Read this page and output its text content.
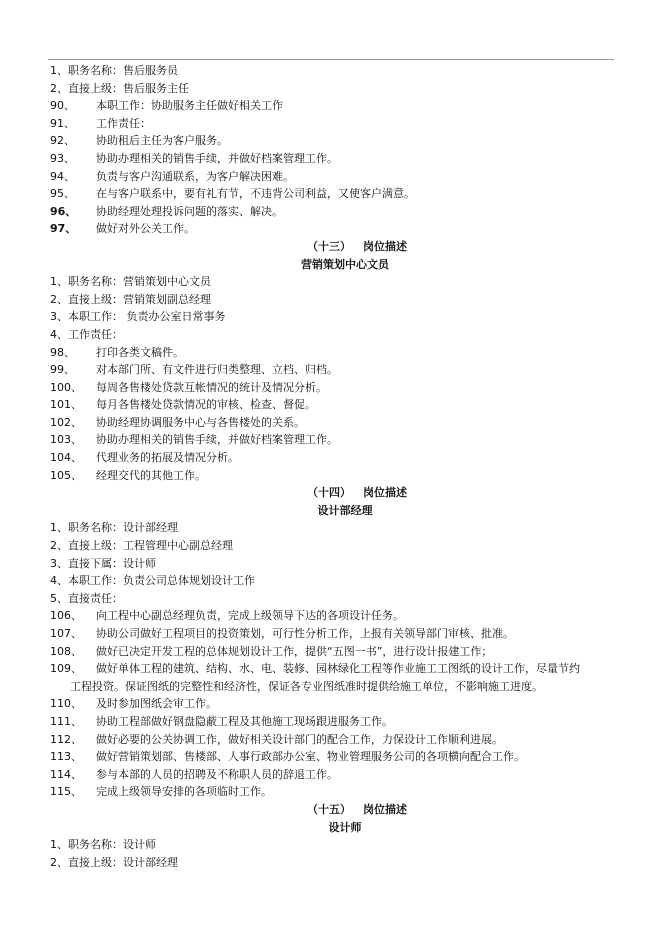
1、职务名称：售后服务员
2、直接上级：售后服务主任
90、 本职工作：协助服务主任做好相关工作
91、 工作责任：
92、 协助租后主任为客户服务。
93、 协助办理相关的销售手续，并做好档案管理工作。
94、 负责与客户沟通联系，为客户解决困难。
95、 在与客户联系中，要有礼有节，不违背公司利益，又使客户满意。
96、 协助经理处理投诉问题的落实、解决。
97、 做好对外公关工作。
（十三） 岗位描述
营销策划中心文员
1、职务名称：营销策划中心文员
2、直接上级：营销策划副总经理
3、本职工作： 负责办公室日常事务
4、工作责任：
98、 打印各类文稿件。
99、 对本部门所、有文件进行归类整理、立档、归档。
100、 每周各售楼处贷款互帐情况的统计及情况分析。
101、 每月各售楼处贷款情况的审核、检查、督促。
102、 协助经理协调服务中心与各售楼处的关系。
103、 协助办理相关的销售手续，并做好档案管理工作。
104、 代理业务的拓展及情况分析。
105、 经理交代的其他工作。
（十四） 岗位描述
设计部经理
1、职务名称：设计部经理
2、直接上级：工程管理中心副总经理
3、直接下属：设计师
4、本职工作：负责公司总体规划设计工作
5、直接责任：
106、 向工程中心副总经理负责，完成上级领导下达的各项设计任务。
107、 协助公司做好工程项目的投资策划，可行性分析工作，上报有关领导部门审核、批准。
108、 做好已决定开发工程的总体规划设计工作，提供“五图一书”，进行设计报建工作；
109、 做好单体工程的建筑、结构、水、电、装修、园林绿化工程等作业施工工图纸的设计工作，尽量节约
工程投资。保证图纸的完整性和经济性，保证各专业图纸准时提供给施工单位，不影响施工进度。
110、 及时参加图纸会审工作。
111、 协助工程部做好钢盘隐蔽工程及其他施工现场跟进服务工作。
112、 做好必要的公关协调工作，做好相关设计部门的配合工作，力保设计工作顺利进展。
113、 做好营销策划部、售楼部、人事行政部办公室、物业管理服务公司的各项横向配合工作。
114、 参与本部的人员的招聘及不称职人员的辞退工作。
115、 完成上级领导安排的各项临时工作。
（十五） 岗位描述
设计师
1、职务名称：设计师
2、直接上级：设计部经理
